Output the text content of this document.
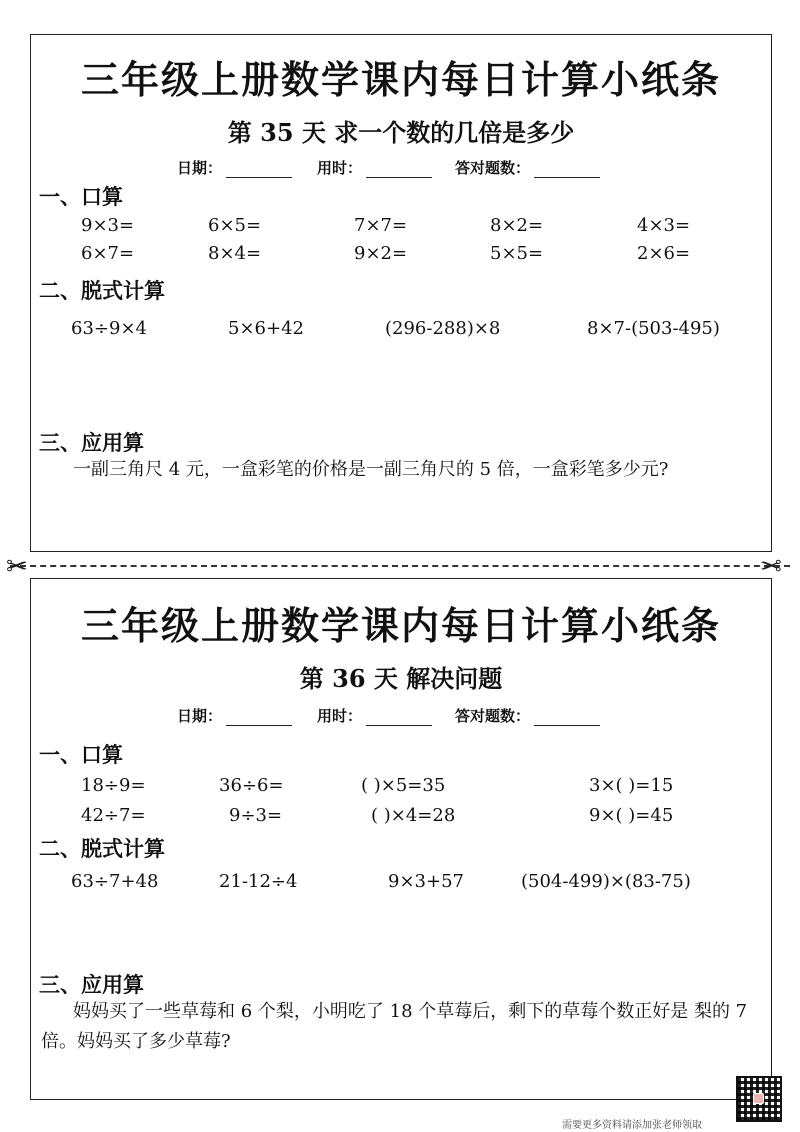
三年级上册数学课内每日计算小纸条
第 35 天 求一个数的几倍是多少
日期：	用时：	答对题数：
一、口算
9×3=	6×5=	7×7=	8×2=	4×3=
6×7=	8×4=	9×2=	5×5=	2×6=
二、脱式计算
63÷9×4	5×6+42	(296-288)×8	8×7-(503-495)
三、应用算
一副三角尺 4 元，一盒彩笔的价格是一副三角尺的 5 倍，一盒彩笔多少元?
✂	✂
三年级上册数学课内每日计算小纸条
第 36 天 解决问题
日期：	用时：	答对题数：
一、口算
18÷9=	36÷6=	( )×5=35	3×( )=15
42÷7=	9÷3=	( )×4=28	9×( )=45
二、脱式计算
63÷7+48	21-12÷4	9×3+57	(504-499)×(83-75)
三、应用算
妈妈买了一些草莓和 6 个梨，小明吃了 18 个草莓后，剩下的草莓个数正好是 梨的 7 倍。妈妈买了多少草莓?
需要更多资料请添加张老师领取
